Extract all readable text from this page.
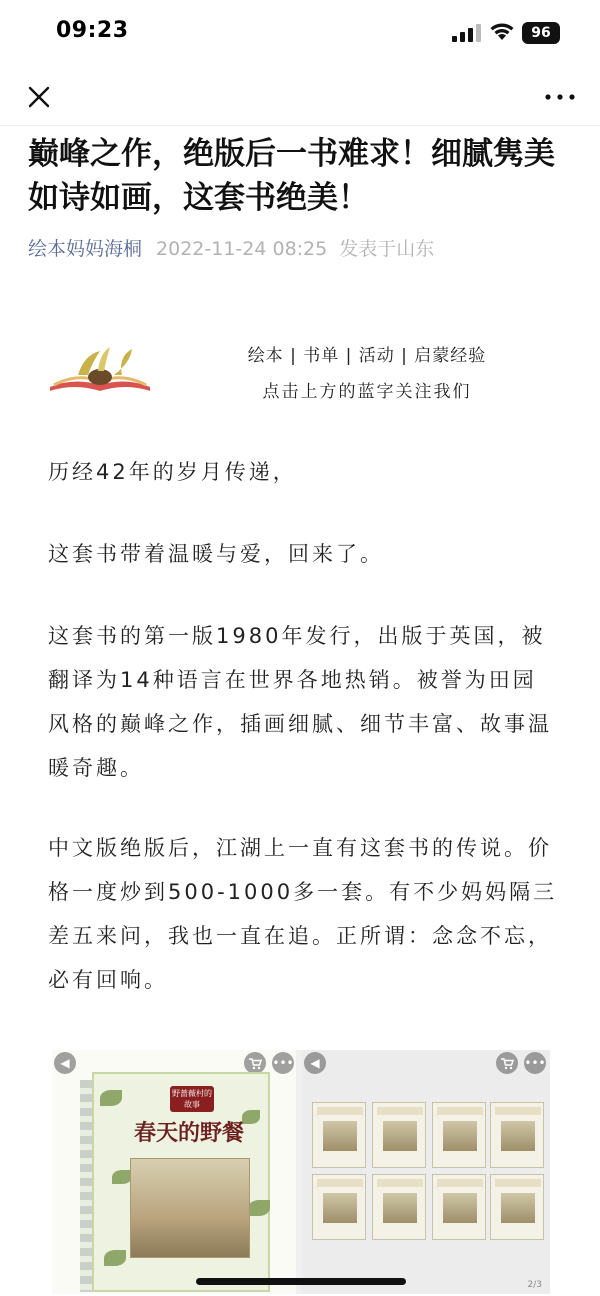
09:23	96
巅峰之作，绝版后一书难求！细腻隽美如诗如画，这套书绝美！
绘本妈妈海桐 2022-11-24 08:25 发表于山东
绘本 | 书单 | 活动 | 启蒙经验
点击上方的蓝字关注我们

历经42年的岁月传递，

这套书带着温暖与爱，回来了。

这套书的第一版1980年发行，出版于英国，被翻译为14种语言在世界各地热销。被誉为田园风格的巅峰之作，插画细腻、细节丰富、故事温暖奇趣。

中文版绝版后，江湖上一直有这套书的传说。价格一度炒到500-1000多一套。有不少妈妈隔三差五来问，我也一直在追。正所谓：念念不忘，必有回响。

◀	•••
野蔷薇村的故事
春天的野餐
◀	•••
2/3
